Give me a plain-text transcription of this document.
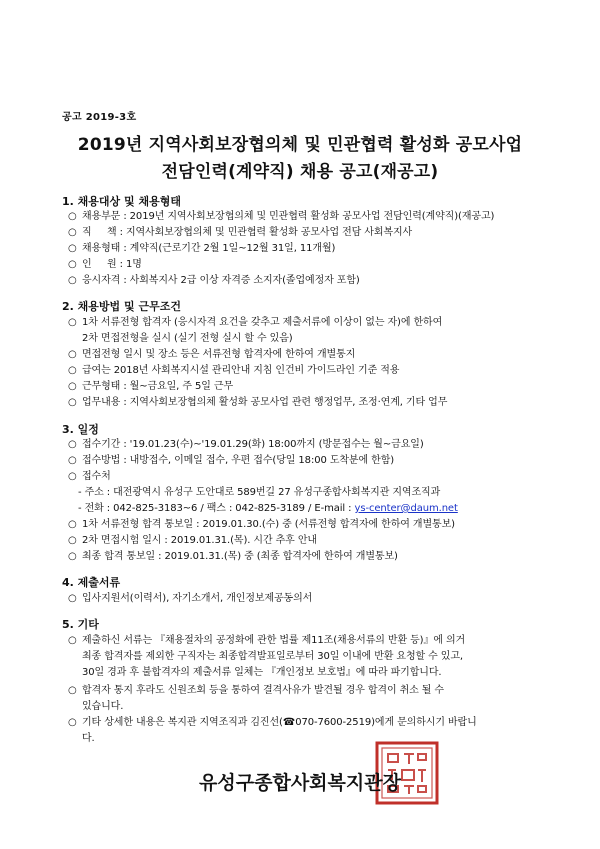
공고 2019-3호
2019년 지역사회보장협의체 및 민관협력 활성화 공모사업
전담인력(계약직) 채용 공고(재공고)
1. 채용대상 및 채용형태
○ 채용부문 : 2019년 지역사회보장협의체 및 민관협력 활성화 공모사업 전담인력(계약직)(재공고)
○ 직     책 : 지역사회보장협의체 및 민관협력 활성화 공모사업 전담 사회복지사
○ 채용형태 : 계약직(근로기간 2월 1일~12월 31일, 11개월)
○ 인     원 : 1명
○ 응시자격 : 사회복지사 2급 이상 자격증 소지자(졸업예정자 포함)
2. 채용방법 및 근무조건
○ 1차 서류전형 합격자 (응시자격 요건을 갖추고 제출서류에 이상이 없는 자)에 한하여
2차 면접전형을 실시 (실기 전형 실시 할 수 있음)
○ 면접전형 일시 및 장소 등은 서류전형 합격자에 한하여 개별통지
○ 급여는 2018년 사회복지시설 관리안내 지침 인건비 가이드라인 기준 적용
○ 근무형태 : 월~금요일, 주 5일 근무
○ 업무내용 : 지역사회보장협의체 활성화 공모사업 관련 행정업무, 조정·연계, 기타 업무
3. 일정
○ 접수기간 : '19.01.23(수)~'19.01.29(화) 18:00까지 (방문접수는 월~금요일)
○ 접수방법 : 내방접수, 이메일 접수, 우편 접수(당일 18:00 도착분에 한함)
○ 접수처
- 주소 : 대전광역시 유성구 도안대로 589번길 27 유성구종합사회복지관 지역조직과
- 전화 : 042-825-3183~6 / 팩스 : 042-825-3189 / E-mail : ys-center@daum.net
○ 1차 서류전형 합격 통보일 : 2019.01.30.(수) 중 (서류전형 합격자에 한하여 개별통보)
○ 2차 면접시험 일시 : 2019.01.31.(목). 시간 추후 안내
○ 최종 합격 통보일 : 2019.01.31.(목) 중 (최종 합격자에 한하여 개별통보)
4. 제출서류
○ 입사지원서(이력서), 자기소개서, 개인정보제공동의서
5. 기타
○ 제출하신 서류는 『채용절차의 공정화에 관한 법률 제11조(채용서류의 반환 등)』에 의거
최종 합격자를 제외한 구직자는 최종합격발표일로부터 30일 이내에 반환 요청할 수 있고,
30일 경과 후 불합격자의 제출서류 일체는 『개인정보 보호법』에 따라 파기합니다.
○ 합격자 통지 후라도 신원조회 등을 통하여 결격사유가 발견될 경우 합격이 취소 될 수
있습니다.
○ 기타 상세한 내용은 복지관 지역조직과 김진선(☎070-7600-2519)에게 문의하시기 바랍니
다.
유성구종합사회복지관장
